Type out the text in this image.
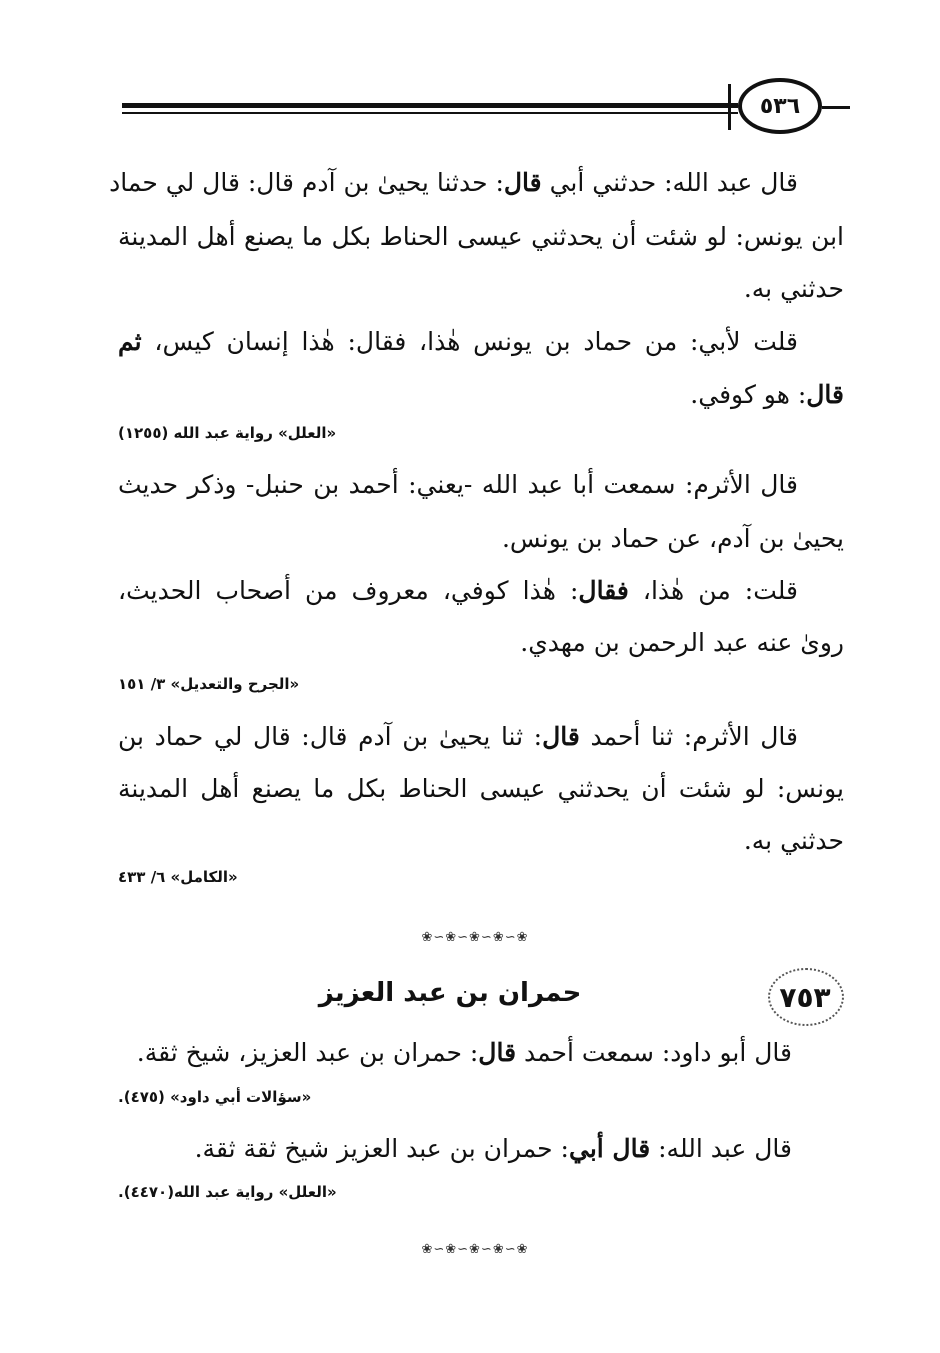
٥٣٦
قال عبد الله: حدثني أبي قال: حدثنا يحيىٰ بن آدم قال: قال لي حماد
ابن يونس: لو شئت أن يحدثني عيسى الحناط بكل ما يصنع أهل المدينة
حدثني به.
قلت لأبي: من حماد بن يونس هٰذا، فقال: هٰذا إنسان كيس، ثم
قال: هو كوفي.
«العلل» رواية عبد الله (١٢٥٥)
قال الأثرم: سمعت أبا عبد الله -يعني: أحمد بن حنبل- وذكر حديث
يحيىٰ بن آدم، عن حماد بن يونس.
قلت: من هٰذا، فقال: هٰذا كوفي، معروف من أصحاب الحديث،
روىٰ عنه عبد الرحمن بن مهدي.
«الجرح والتعديل» ٣/ ١٥١
قال الأثرم: ثنا أحمد قال: ثنا يحيىٰ بن آدم قال: قال لي حماد بن
يونس: لو شئت أن يحدثني عيسى الحناط بكل ما يصنع أهل المدينة
حدثني به.
«الكامل» ٦/ ٤٣٣
❀∽❀∽❀∽❀∽❀
٧٥٣
حمران بن عبد العزيز
قال أبو داود: سمعت أحمد قال: حمران بن عبد العزيز، شيخ ثقة.
«سؤالات أبي داود» (٤٧٥).
قال عبد الله: قال أبي: حمران بن عبد العزيز شيخ ثقة ثقة.
«العلل» رواية عبد الله(٤٤٧٠).
❀∽❀∽❀∽❀∽❀
